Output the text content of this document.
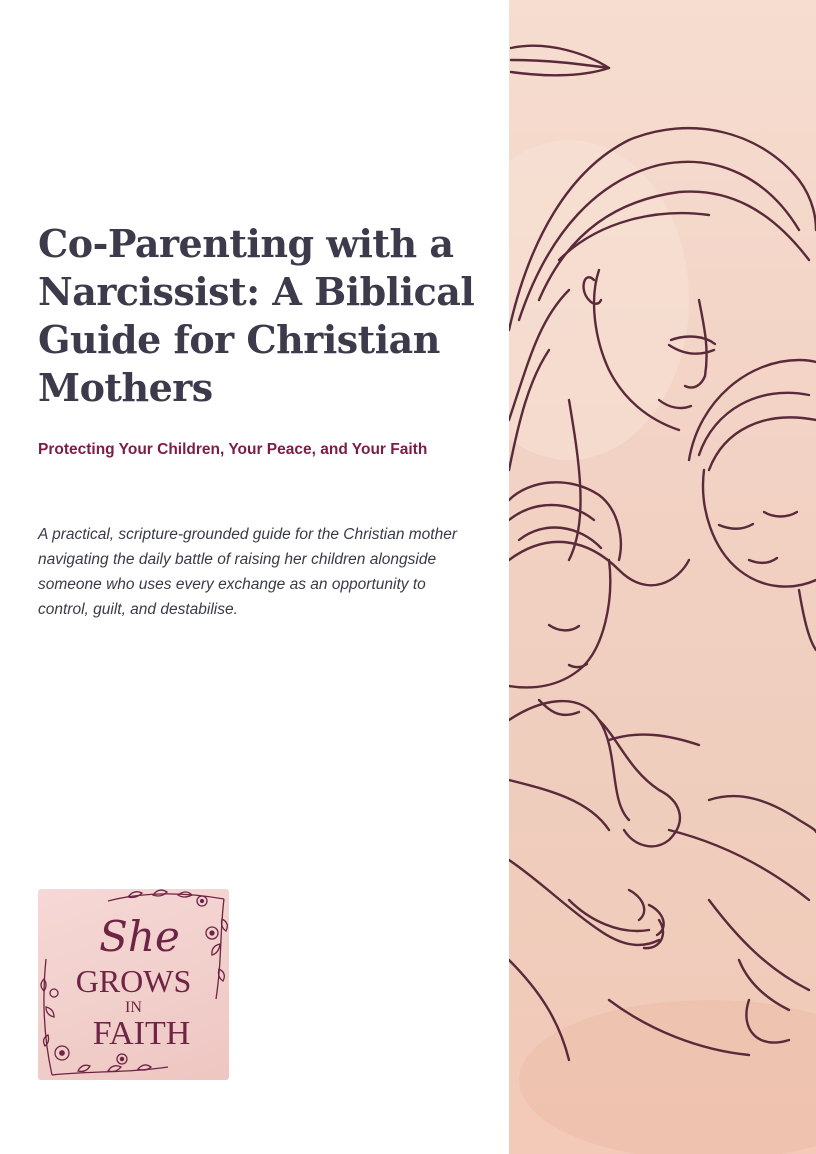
Co-Parenting with a Narcissist: A Biblical Guide for Christian Mothers

Protecting Your Children, Your Peace, and Your Faith

A practical, scripture-grounded guide for the Christian mother navigating the daily battle of raising her children alongside someone who uses every exchange as an opportunity to control, guilt, and destabilise.

She
GROWS
IN
FAITH
